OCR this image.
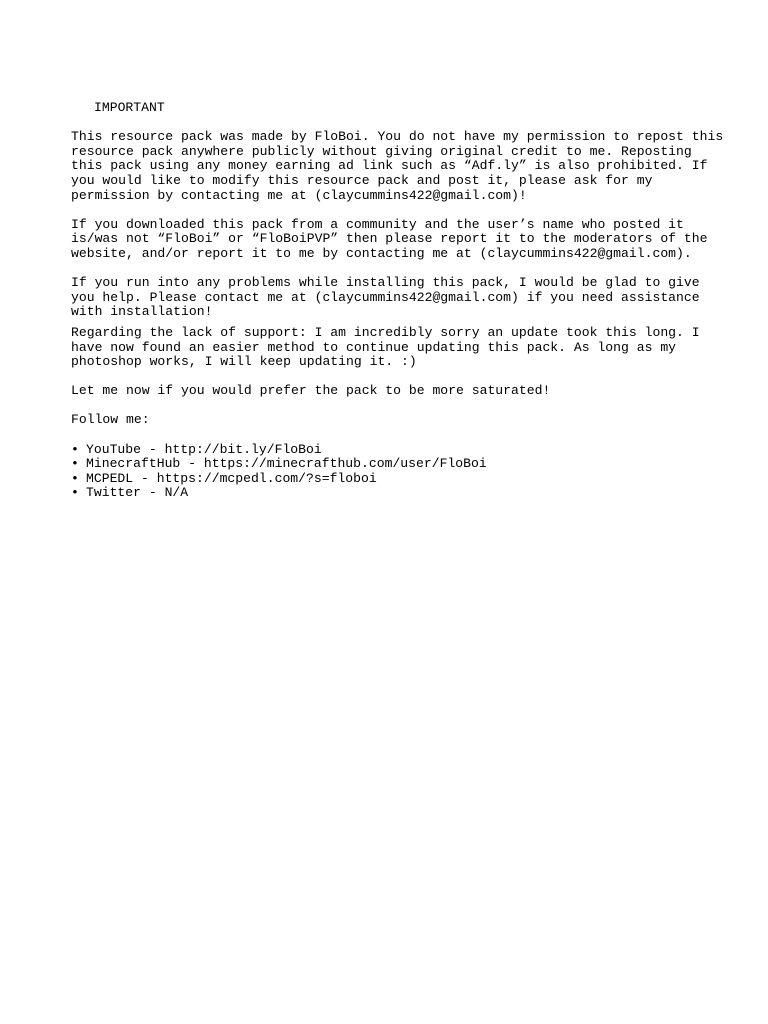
IMPORTANT
This resource pack was made by FloBoi. You do not have my permission to repost this
resource pack anywhere publicly without giving original credit to me. Reposting
this pack using any money earning ad link such as “Adf.ly” is also prohibited. If
you would like to modify this resource pack and post it, please ask for my
permission by contacting me at (claycummins422@gmail.com)!
If you downloaded this pack from a community and the user’s name who posted it
is/was not “FloBoi” or “FloBoiPVP” then please report it to the moderators of the
website, and/or report it to me by contacting me at (claycummins422@gmail.com).
If you run into any problems while installing this pack, I would be glad to give
you help. Please contact me at (claycummins422@gmail.com) if you need assistance
with installation!
Regarding the lack of support: I am incredibly sorry an update took this long. I
have now found an easier method to continue updating this pack. As long as my
photoshop works, I will keep updating it. :)
Let me now if you would prefer the pack to be more saturated!
Follow me:
• YouTube - http://bit.ly/FloBoi
• MinecraftHub - https://minecrafthub.com/user/FloBoi
• MCPEDL - https://mcpedl.com/?s=floboi
• Twitter - N/A
